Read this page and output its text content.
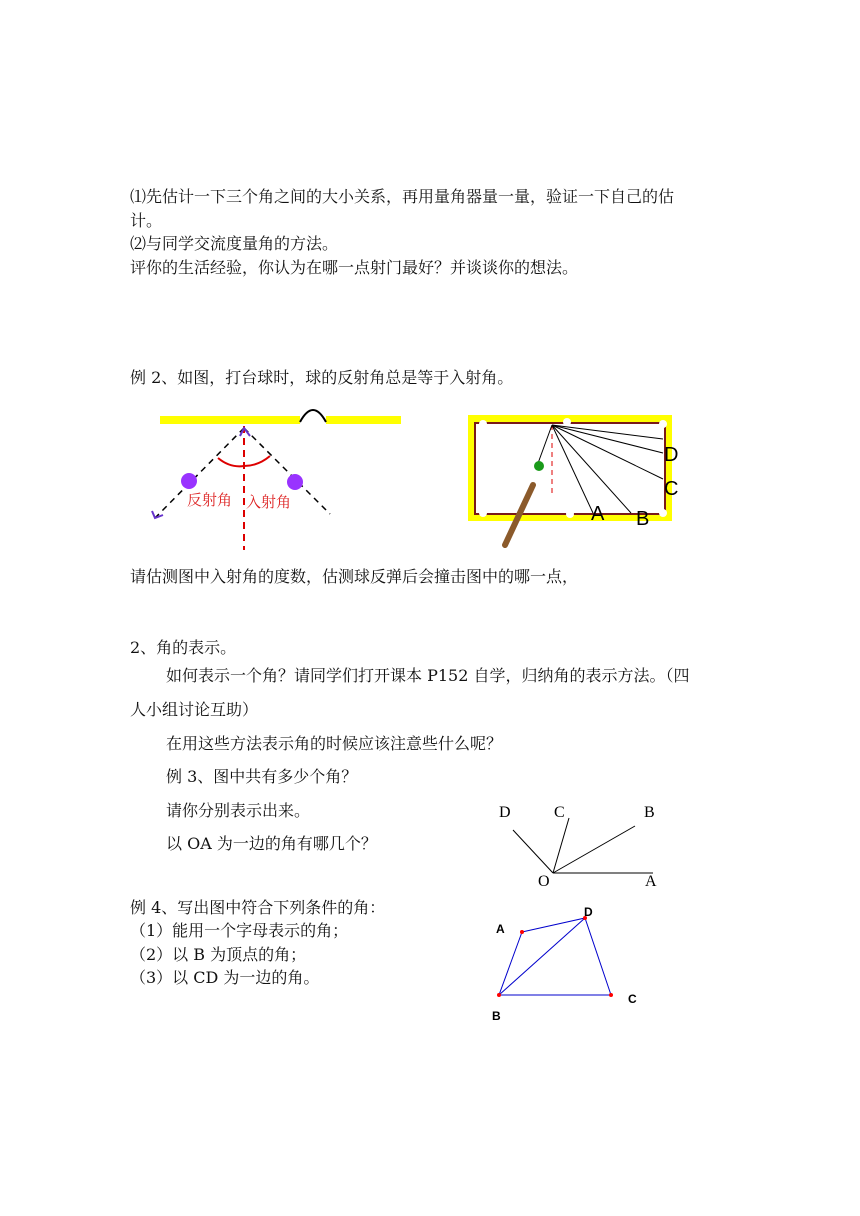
⑴先估计一下三个角之间的大小关系，再用量角器量一量，验证一下自己的估
计。
⑵与同学交流度量角的方法。
评你的生活经验，你认为在哪一点射门最好？并谈谈你的想法。
例 2、如图，打台球时，球的反射角总是等于入射角。
反射角 入射角
D
C
A B
请估测图中入射角的度数，估测球反弹后会撞击图中的哪一点，
2、角的表示。
如何表示一个角？请同学们打开课本 P152 自学，归纳角的表示方法。（四
人小组讨论互助）
在用这些方法表示角的时候应该注意些什么呢？
例 3、图中共有多少个角？
请你分别表示出来。
以 OA 为一边的角有哪几个？
D	C	B
O	A
例 4、写出图中符合下列条件的角：
（1）能用一个字母表示的角；
（2）以 B 为顶点的角；
（3）以 CD 为一边的角。
A
B
C
D
